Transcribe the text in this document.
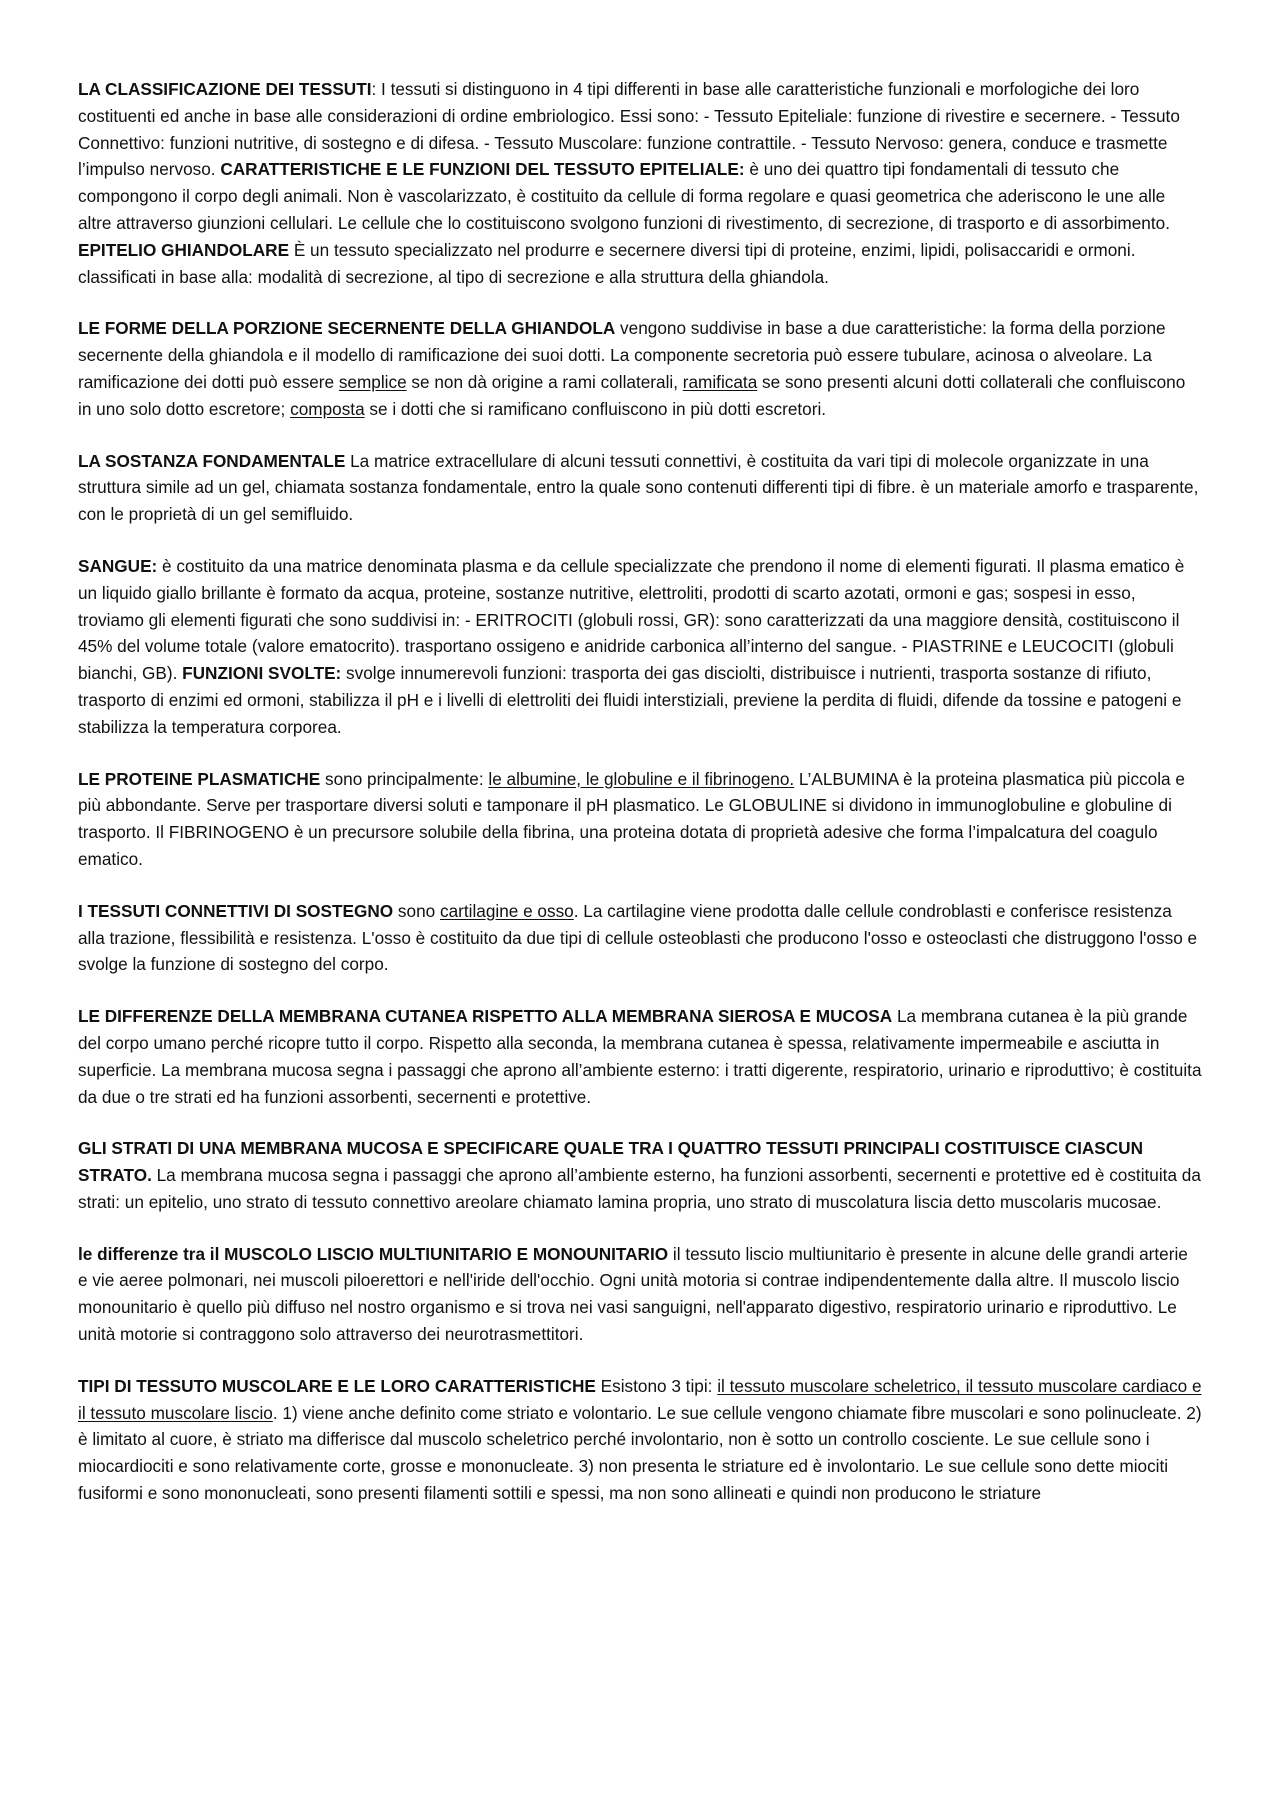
LA CLASSIFICAZIONE DEI TESSUTI: I tessuti si distinguono in 4 tipi differenti in base alle caratteristiche funzionali e morfologiche dei loro costituenti ed anche in base alle considerazioni di ordine embriologico. Essi sono: - Tessuto Epiteliale: funzione di rivestire e secernere. - Tessuto Connettivo: funzioni nutritive, di sostegno e di difesa. - Tessuto Muscolare: funzione contrattile. - Tessuto Nervoso: genera, conduce e trasmette l’impulso nervoso. CARATTERISTICHE E LE FUNZIONI DEL TESSUTO EPITELIALE: è uno dei quattro tipi fondamentali di tessuto che compongono il corpo degli animali. Non è vascolarizzato, è costituito da cellule di forma regolare e quasi geometrica che aderiscono le une alle altre attraverso giunzioni cellulari. Le cellule che lo costituiscono svolgono funzioni di rivestimento, di secrezione, di trasporto e di assorbimento. EPITELIO GHIANDOLARE È un tessuto specializzato nel produrre e secernere diversi tipi di proteine, enzimi, lipidi, polisaccaridi e ormoni. classificati in base alla: modalità di secrezione, al tipo di secrezione e alla struttura della ghiandola.

LE FORME DELLA PORZIONE SECERNENTE DELLA GHIANDOLA vengono suddivise in base a due caratteristiche: la forma della porzione secernente della ghiandola e il modello di ramificazione dei suoi dotti. La componente secretoria può essere tubulare, acinosa o alveolare. La ramificazione dei dotti può essere semplice se non dà origine a rami collaterali, ramificata se sono presenti alcuni dotti collaterali che confluiscono in uno solo dotto escretore; composta se i dotti che si ramificano confluiscono in più dotti escretori.

LA SOSTANZA FONDAMENTALE La matrice extracellulare di alcuni tessuti connettivi, è costituita da vari tipi di molecole organizzate in una struttura simile ad un gel, chiamata sostanza fondamentale, entro la quale sono contenuti differenti tipi di fibre. è un materiale amorfo e trasparente, con le proprietà di un gel semifluido.

SANGUE: è costituito da una matrice denominata plasma e da cellule specializzate che prendono il nome di elementi figurati. Il plasma ematico è un liquido giallo brillante è formato da acqua, proteine, sostanze nutritive, elettroliti, prodotti di scarto azotati, ormoni e gas; sospesi in esso, troviamo gli elementi figurati che sono suddivisi in: - ERITROCITI (globuli rossi, GR): sono caratterizzati da una maggiore densità, costituiscono il 45% del volume totale (valore ematocrito). trasportano ossigeno e anidride carbonica all’interno del sangue. - PIASTRINE e LEUCOCITI (globuli bianchi, GB). FUNZIONI SVOLTE: svolge innumerevoli funzioni: trasporta dei gas disciolti, distribuisce i nutrienti, trasporta sostanze di rifiuto, trasporto di enzimi ed ormoni, stabilizza il pH e i livelli di elettroliti dei fluidi interstiziali, previene la perdita di fluidi, difende da tossine e patogeni e stabilizza la temperatura corporea.

LE PROTEINE PLASMATICHE sono principalmente: le albumine, le globuline e il fibrinogeno. L’ALBUMINA è la proteina plasmatica più piccola e più abbondante. Serve per trasportare diversi soluti e tamponare il pH plasmatico. Le GLOBULINE si dividono in immunoglobuline e globuline di trasporto. Il FIBRINOGENO è un precursore solubile della fibrina, una proteina dotata di proprietà adesive che forma l’impalcatura del coagulo ematico.

I TESSUTI CONNETTIVI DI SOSTEGNO sono cartilagine e osso. La cartilagine viene prodotta dalle cellule condroblasti e conferisce resistenza alla trazione, flessibilità e resistenza. L'osso è costituito da due tipi di cellule osteoblasti che producono l'osso e osteoclasti che distruggono l'osso e svolge la funzione di sostegno del corpo.

LE DIFFERENZE DELLA MEMBRANA CUTANEA RISPETTO ALLA MEMBRANA SIEROSA E MUCOSA La membrana cutanea è la più grande del corpo umano perché ricopre tutto il corpo. Rispetto alla seconda, la membrana cutanea è spessa, relativamente impermeabile e asciutta in superficie. La membrana mucosa segna i passaggi che aprono all’ambiente esterno: i tratti digerente, respiratorio, urinario e riproduttivo; è costituita da due o tre strati ed ha funzioni assorbenti, secernenti e protettive.

GLI STRATI DI UNA MEMBRANA MUCOSA E SPECIFICARE QUALE TRA I QUATTRO TESSUTI PRINCIPALI COSTITUISCE CIASCUN STRATO. La membrana mucosa segna i passaggi che aprono all’ambiente esterno, ha funzioni assorbenti, secernenti e protettive ed è costituita da strati: un epitelio, uno strato di tessuto connettivo areolare chiamato lamina propria, uno strato di muscolatura liscia detto muscolaris mucosae.

le differenze tra il MUSCOLO LISCIO MULTIUNITARIO E MONOUNITARIO il tessuto liscio multiunitario è presente in alcune delle grandi arterie e vie aeree polmonari, nei muscoli piloerettori e nell'iride dell'occhio. Ogni unità motoria si contrae indipendentemente dalla altre. Il muscolo liscio monounitario è quello più diffuso nel nostro organismo e si trova nei vasi sanguigni, nell'apparato digestivo, respiratorio urinario e riproduttivo. Le unità motorie si contraggono solo attraverso dei neurotrasmettitori.

TIPI DI TESSUTO MUSCOLARE E LE LORO CARATTERISTICHE Esistono 3 tipi: il tessuto muscolare scheletrico, il tessuto muscolare cardiaco e il tessuto muscolare liscio. 1) viene anche definito come striato e volontario. Le sue cellule vengono chiamate fibre muscolari e sono polinucleate. 2) è limitato al cuore, è striato ma differisce dal muscolo scheletrico perché involontario, non è sotto un controllo cosciente. Le sue cellule sono i miocardiociti e sono relativamente corte, grosse e mononucleate. 3) non presenta le striature ed è involontario. Le sue cellule sono dette miociti fusiformi e sono mononucleati, sono presenti filamenti sottili e spessi, ma non sono allineati e quindi non producono le striature
